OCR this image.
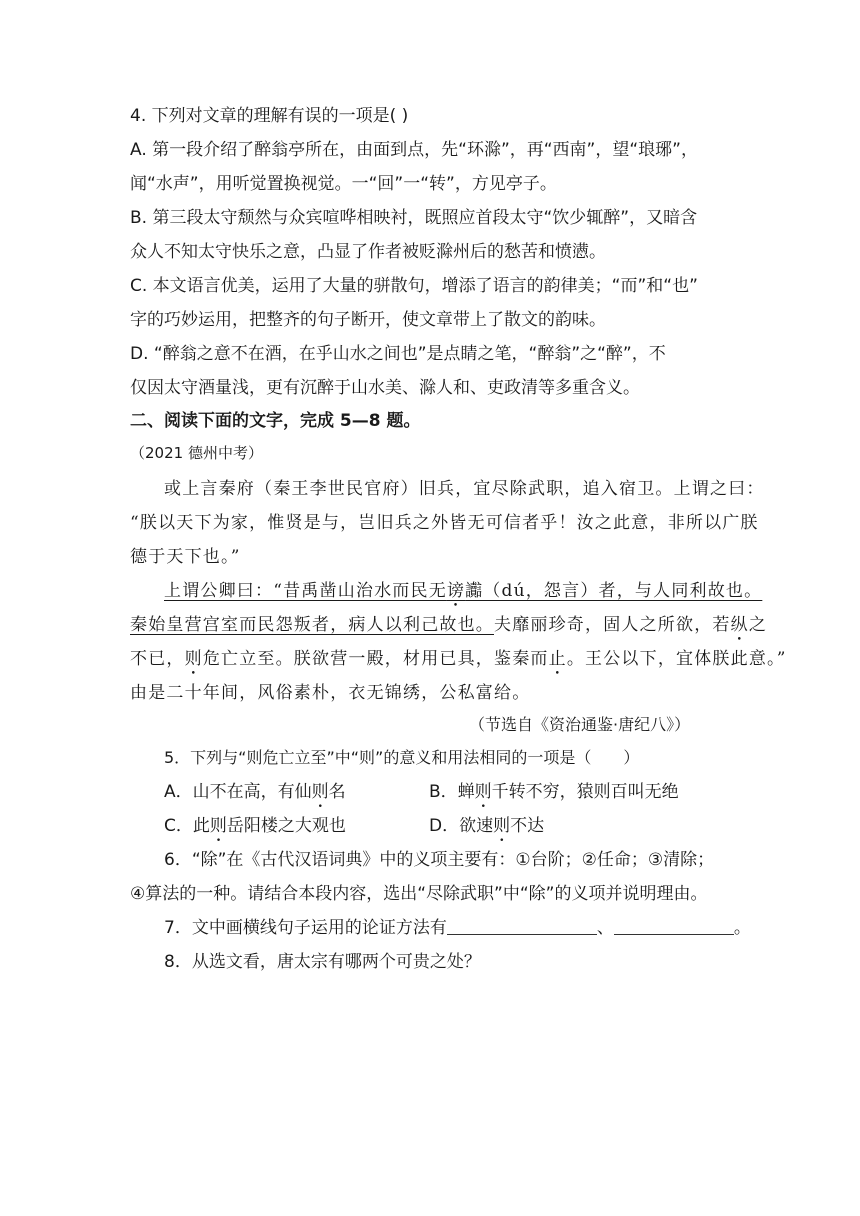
4. 下列对文章的理解有误的一项是( )
A. 第一段介绍了醉翁亭所在，由面到点，先“环滁”，再“西南”，望“琅琊”，
闻“水声”，用听觉置换视觉。一“回”一“转”，方见亭子。
B. 第三段太守颓然与众宾喧哗相映衬，既照应首段太守“饮少辄醉”，又暗含
众人不知太守快乐之意，凸显了作者被贬滁州后的愁苦和愤懑。
C. 本文语言优美，运用了大量的骈散句，增添了语言的韵律美；“而”和“也”
字的巧妙运用，把整齐的句子断开，使文章带上了散文的韵味。
D. “醉翁之意不在酒，在乎山水之间也”是点睛之笔，“醉翁”之“醉”，不
仅因太守酒量浅，更有沉醉于山水美、滁人和、吏政清等多重含义。
二、阅读下面的文字，完成 5—8 题。
（2021 德州中考）
或上言秦府（秦王李世民官府）旧兵，宜尽除武职，追入宿卫。上谓之曰：
“朕以天下为家，惟贤是与，岂旧兵之外皆无可信者乎！汝之此意，非所以广朕
德于天下也。”
上谓公卿曰：“昔禹凿山治水而民无谤讟（dú，怨言）者，与人同利故也。
秦始皇营宫室而民怨叛者，病人以利己故也。夫靡丽珍奇，固人之所欲，若纵之
不已，则危亡立至。朕欲营一殿，材用已具，鉴秦而止。王公以下，宜体朕此意。”
由是二十年间，风俗素朴，衣无锦绣，公私富给。
（节选自《资治通鉴·唐纪八》）
5．下列与“则危亡立至”中“则”的意义和用法相同的一项是（　　）
A．山不在高，有仙则名	B．蝉则千转不穷，猿则百叫无绝
C．此则岳阳楼之大观也	D．欲速则不达
6．“除”在《古代汉语词典》中的义项主要有：①台阶；②任命；③清除；
④算法的一种。请结合本段内容，选出“尽除武职”中“除”的义项并说明理由。
7．文中画横线句子运用的论证方法有	、	。
8．从选文看，唐太宗有哪两个可贵之处？
